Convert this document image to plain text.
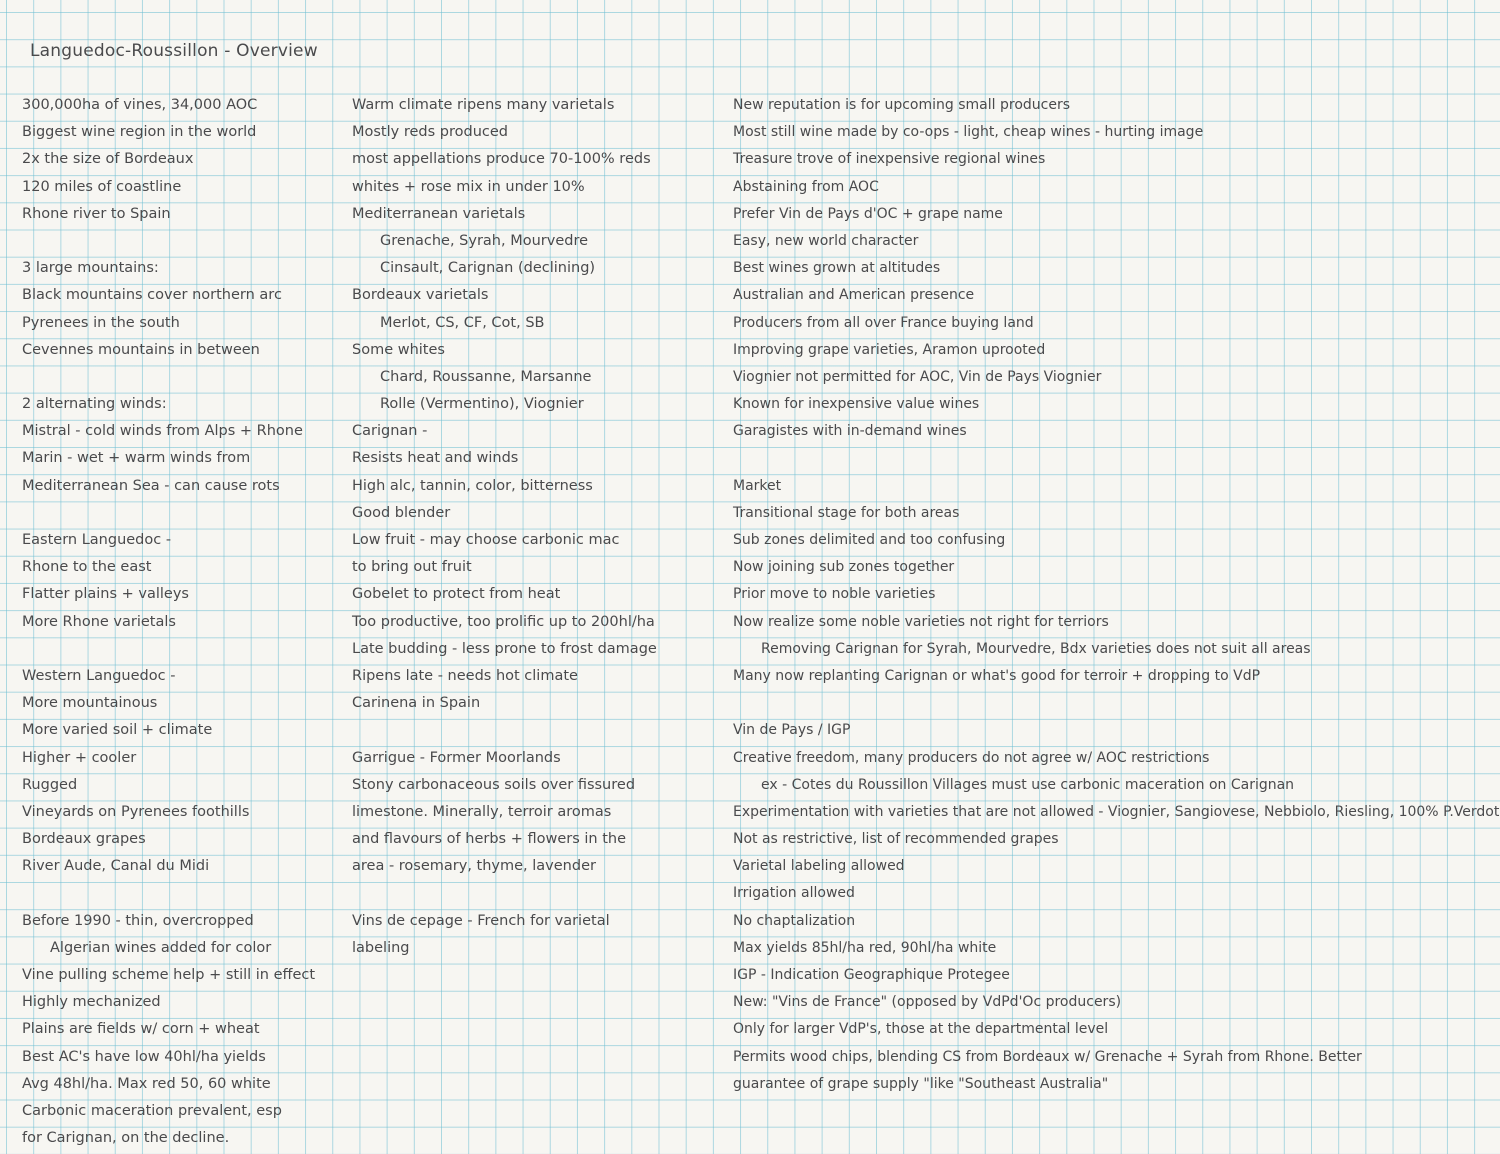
Languedoc-Roussillon - Overview
300,000ha of vines, 34,000 AOC
Biggest wine region in the world
2x the size of Bordeaux
120 miles of coastline
Rhone river to Spain
3 large mountains:
Black mountains cover northern arc
Pyrenees in the south
Cevennes mountains in between
2 alternating winds:
Mistral - cold winds from Alps + Rhone
Marin - wet + warm winds from
Mediterranean Sea - can cause rots
Eastern Languedoc -
Rhone to the east
Flatter plains + valleys
More Rhone varietals
Western Languedoc -
More mountainous
More varied soil + climate
Higher + cooler
Rugged
Vineyards on Pyrenees foothills
Bordeaux grapes
River Aude, Canal du Midi
Before 1990 - thin, overcropped
Algerian wines added for color
Vine pulling scheme help + still in effect
Highly mechanized
Plains are fields w/ corn + wheat
Best AC's have low 40hl/ha yields
Avg 48hl/ha. Max red 50, 60 white
Carbonic maceration prevalent, esp
for Carignan, on the decline.
Warm climate ripens many varietals
Mostly reds produced
most appellations produce 70-100% reds
whites + rose mix in under 10%
Mediterranean varietals
Grenache, Syrah, Mourvedre
Cinsault, Carignan (declining)
Bordeaux varietals
Merlot, CS, CF, Cot, SB
Some whites
Chard, Roussanne, Marsanne
Rolle (Vermentino), Viognier
Carignan -
Resists heat and winds
High alc, tannin, color, bitterness
Good blender
Low fruit - may choose carbonic mac
to bring out fruit
Gobelet to protect from heat
Too productive, too prolific up to 200hl/ha
Late budding - less prone to frost damage
Ripens late - needs hot climate
Carinena in Spain
Garrigue - Former Moorlands
Stony carbonaceous soils over fissured
limestone. Minerally, terroir aromas
and flavours of herbs + flowers in the
area - rosemary, thyme, lavender
Vins de cepage - French for varietal
labeling
New reputation is for upcoming small producers
Most still wine made by co-ops - light, cheap wines - hurting image
Treasure trove of inexpensive regional wines
Abstaining from AOC
Prefer Vin de Pays d'OC + grape name
Easy, new world character
Best wines grown at altitudes
Australian and American presence
Producers from all over France buying land
Improving grape varieties, Aramon uprooted
Viognier not permitted for AOC, Vin de Pays Viognier
Known for inexpensive value wines
Garagistes with in-demand wines
Market
Transitional stage for both areas
Sub zones delimited and too confusing
Now joining sub zones together
Prior move to noble varieties
Now realize some noble varieties not right for terriors
Removing Carignan for Syrah, Mourvedre, Bdx varieties does not suit all areas
Many now replanting Carignan or what's good for terroir + dropping to VdP
Vin de Pays / IGP
Creative freedom, many producers do not agree w/ AOC restrictions
ex - Cotes du Roussillon Villages must use carbonic maceration on Carignan
Experimentation with varieties that are not allowed - Viognier, Sangiovese, Nebbiolo, Riesling, 100% P.Verdot
Not as restrictive, list of recommended grapes
Varietal labeling allowed
Irrigation allowed
No chaptalization
Max yields 85hl/ha red, 90hl/ha white
IGP - Indication Geographique Protegee
New: "Vins de France" (opposed by VdPd'Oc producers)
Only for larger VdP's, those at the departmental level
Permits wood chips, blending CS from Bordeaux w/ Grenache + Syrah from Rhone. Better
guarantee of grape supply "like "Southeast Australia"
